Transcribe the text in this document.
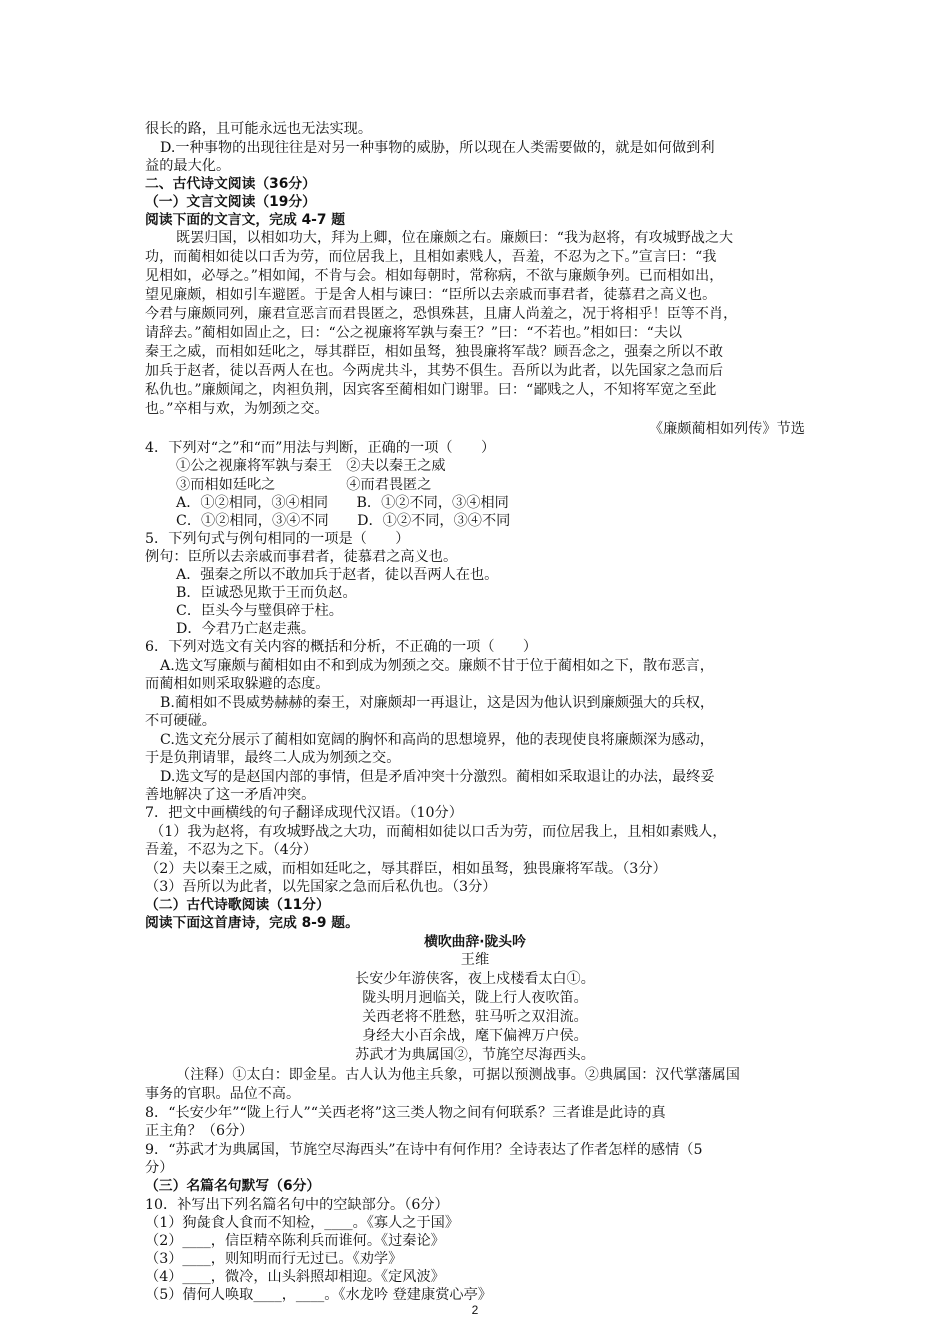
很长的路，且可能永远也无法实现。
D.一种事物的出现往往是对另一种事物的威胁，所以现在人类需要做的，就是如何做到利
益的最大化。
二、古代诗文阅读（36分）
（一）文言文阅读（19分）
阅读下面的文言文，完成 4-7 题
既罢归国，以相如功大，拜为上卿，位在廉颇之右。廉颇曰：“我为赵将，有攻城野战之大
功，而蔺相如徒以口舌为劳，而位居我上，且相如素贱人，吾羞，不忍为之下。”宣言曰：“我
见相如，必辱之。”相如闻，不肯与会。相如每朝时，常称病，不欲与廉颇争列。已而相如出，
望见廉颇，相如引车避匿。于是舍人相与谏曰：“臣所以去亲戚而事君者，徒慕君之高义也。
今君与廉颇同列，廉君宣恶言而君畏匿之，恐惧殊甚，且庸人尚羞之，况于将相乎！臣等不肖，
请辞去。”蔺相如固止之，曰：“公之视廉将军孰与秦王？”曰：“不若也。”相如曰：“夫以
秦王之威，而相如廷叱之，辱其群臣，相如虽驽，独畏廉将军哉？顾吾念之，强秦之所以不敢
加兵于赵者，徒以吾两人在也。今两虎共斗，其势不俱生。吾所以为此者，以先国家之急而后
私仇也。”廉颇闻之，肉袒负荆，因宾客至蔺相如门谢罪。曰：“鄙贱之人，不知将军宽之至此
也。”卒相与欢，为刎颈之交。
《廉颇蔺相如列传》节选
4．下列对“之”和“而”用法与判断，正确的一项（　　）
①公之视廉将军孰与秦王　②夫以秦王之威
③而相如廷叱之　　　　　④而君畏匿之
A．①②相同，③④相同　　B．①②不同，③④相同
C．①②相同，③④不同　　D．①②不同，③④不同
5．下列句式与例句相同的一项是（　　）
例句：臣所以去亲戚而事君者，徒慕君之高义也。
A．强秦之所以不敢加兵于赵者，徒以吾两人在也。
B．臣诚恐见欺于王而负赵。
C．臣头今与璧俱碎于柱。
D．今君乃亡赵走燕。
6．下列对选文有关内容的概括和分析，不正确的一项（　　）
A.选文写廉颇与蔺相如由不和到成为刎颈之交。廉颇不甘于位于蔺相如之下，散布恶言，
而蔺相如则采取躲避的态度。
B.蔺相如不畏威势赫赫的秦王，对廉颇却一再退让，这是因为他认识到廉颇强大的兵权，
不可硬碰。
C.选文充分展示了蔺相如宽阔的胸怀和高尚的思想境界，他的表现使良将廉颇深为感动，
于是负荆请罪，最终二人成为刎颈之交。
D.选文写的是赵国内部的事情，但是矛盾冲突十分激烈。蔺相如采取退让的办法，最终妥
善地解决了这一矛盾冲突。
7．把文中画横线的句子翻译成现代汉语。（10分）
（1）我为赵将，有攻城野战之大功，而蔺相如徒以口舌为劳，而位居我上，且相如素贱人，
吾羞，不忍为之下。（4分）
（2）夫以秦王之威，而相如廷叱之，辱其群臣，相如虽驽，独畏廉将军哉。（3分）
（3）吾所以为此者，以先国家之急而后私仇也。（3分）
（二）古代诗歌阅读（11分）
阅读下面这首唐诗，完成 8-9 题。
横吹曲辞·陇头吟
王维
长安少年游侠客，夜上戍楼看太白①。
陇头明月迥临关，陇上行人夜吹笛。
关西老将不胜愁，驻马听之双泪流。
身经大小百余战，麾下偏裨万户侯。
苏武才为典属国②，节旄空尽海西头。
（注释）①太白：即金星。古人认为他主兵象，可据以预测战事。②典属国：汉代掌藩属国
事务的官职。品位不高。
8．“长安少年”“陇上行人”“关西老将”这三类人物之间有何联系？三者谁是此诗的真
正主角？（6分）
9．“苏武才为典属国，节旄空尽海西头”在诗中有何作用？全诗表达了作者怎样的感情（5
分）
（三）名篇名句默写（6分）
10．补写出下列名篇名句中的空缺部分。（6分）
（1）狗彘食人食而不知检，____。《寡人之于国》
（2）____，信臣精卒陈利兵而谁何。《过秦论》
（3）____，则知明而行无过已。《劝学》
（4）____，微冷，山头斜照却相迎。《定风波》
（5）倩何人唤取____，____。《水龙吟 登建康赏心亭》
2
